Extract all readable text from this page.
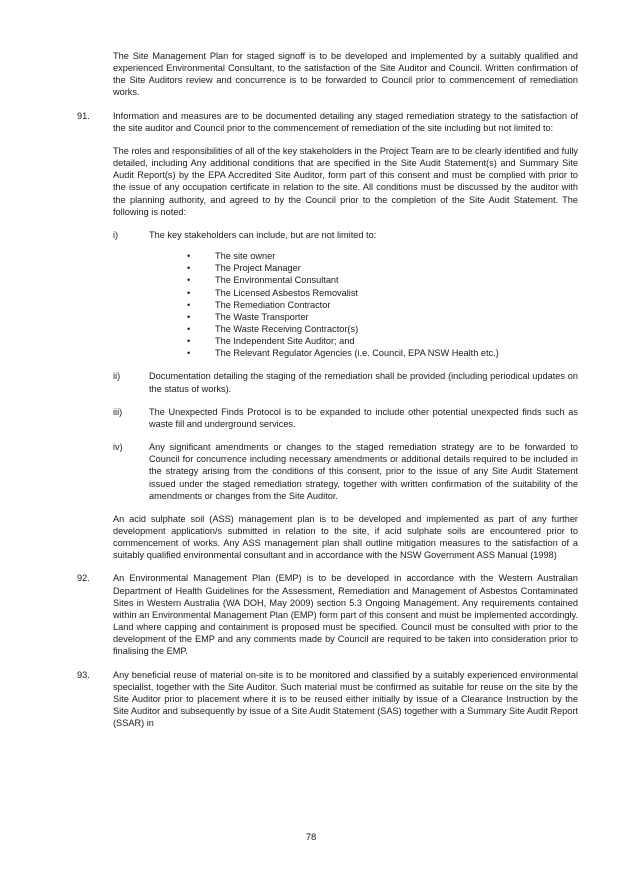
The Site Management Plan for staged signoff is to be developed and implemented by a suitably qualified and experienced Environmental Consultant, to the satisfaction of the Site Auditor and Council. Written confirmation of the Site Auditors review and concurrence is to be forwarded to Council prior to commencement of remediation works.

91.	Information and measures are to be documented detailing any staged remediation strategy to the satisfaction of the site auditor and Council prior to the commencement of remediation of the site including but not limited to:

The roles and responsibilities of all of the key stakeholders in the Project Team are to be clearly identified and fully detailed, including Any additional conditions that are specified in the Site Audit Statement(s) and Summary Site Audit Report(s) by the EPA Accredited Site Auditor, form part of this consent and must be complied with prior to the issue of any occupation certificate in relation to the site. All conditions must be discussed by the auditor with the planning authority, and agreed to by the Council prior to the completion of the Site Audit Statement. The following is noted:

i)	The key stakeholders can include, but are not limited to:

•	The site owner
•	The Project Manager
•	The Environmental Consultant
•	The Licensed Asbestos Removalist
•	The Remediation Contractor
•	The Waste Transporter
•	The Waste Receiving Contractor(s)
•	The Independent Site Auditor; and
•	The Relevant Regulator Agencies (i.e. Council, EPA NSW Health etc.)
ii)	Documentation detailing the staging of the remediation shall be provided (including periodical updates on the status of works).

iii)	The Unexpected Finds Protocol is to be expanded to include other potential unexpected finds such as waste fill and underground services.

iv)	Any significant amendments or changes to the staged remediation strategy are to be forwarded to Council for concurrence including necessary amendments or additional details required to be included in the strategy arising from the conditions of this consent, prior to the issue of any Site Audit Statement issued under the staged remediation strategy, together with written confirmation of the suitability of the amendments or changes from the Site Auditor.

An acid sulphate soil (ASS) management plan is to be developed and implemented as part of any further development application/s submitted in relation to the site, if acid sulphate soils are encountered prior to commencement of works. Any ASS management plan shall outline mitigation measures to the satisfaction of a suitably qualified environmental consultant and in accordance with the NSW Government ASS Manual (1998)

92.	An Environmental Management Plan (EMP) is to be developed in accordance with the Western Australian Department of Health Guidelines for the Assessment, Remediation and Management of Asbestos Contaminated Sites in Western Australia (WA DOH, May 2009) section 5.3 Ongoing Management. Any requirements contained within an Environmental Management Plan (EMP) form part of this consent and must be implemented accordingly. Land where capping and containment is proposed must be specified. Council must be consulted with prior to the development of the EMP and any comments made by Council are required to be taken into consideration prior to finalising the EMP.

93.	Any beneficial reuse of material on-site is to be monitored and classified by a suitably experienced environmental specialist, together with the Site Auditor. Such material must be confirmed as suitable for reuse on the site by the Site Auditor prior to placement where it is to be reused either initially by issue of a Clearance Instruction by the Site Auditor and subsequently by issue of a Site Audit Statement (SAS) together with a Summary Site Audit Report (SSAR) in

78
